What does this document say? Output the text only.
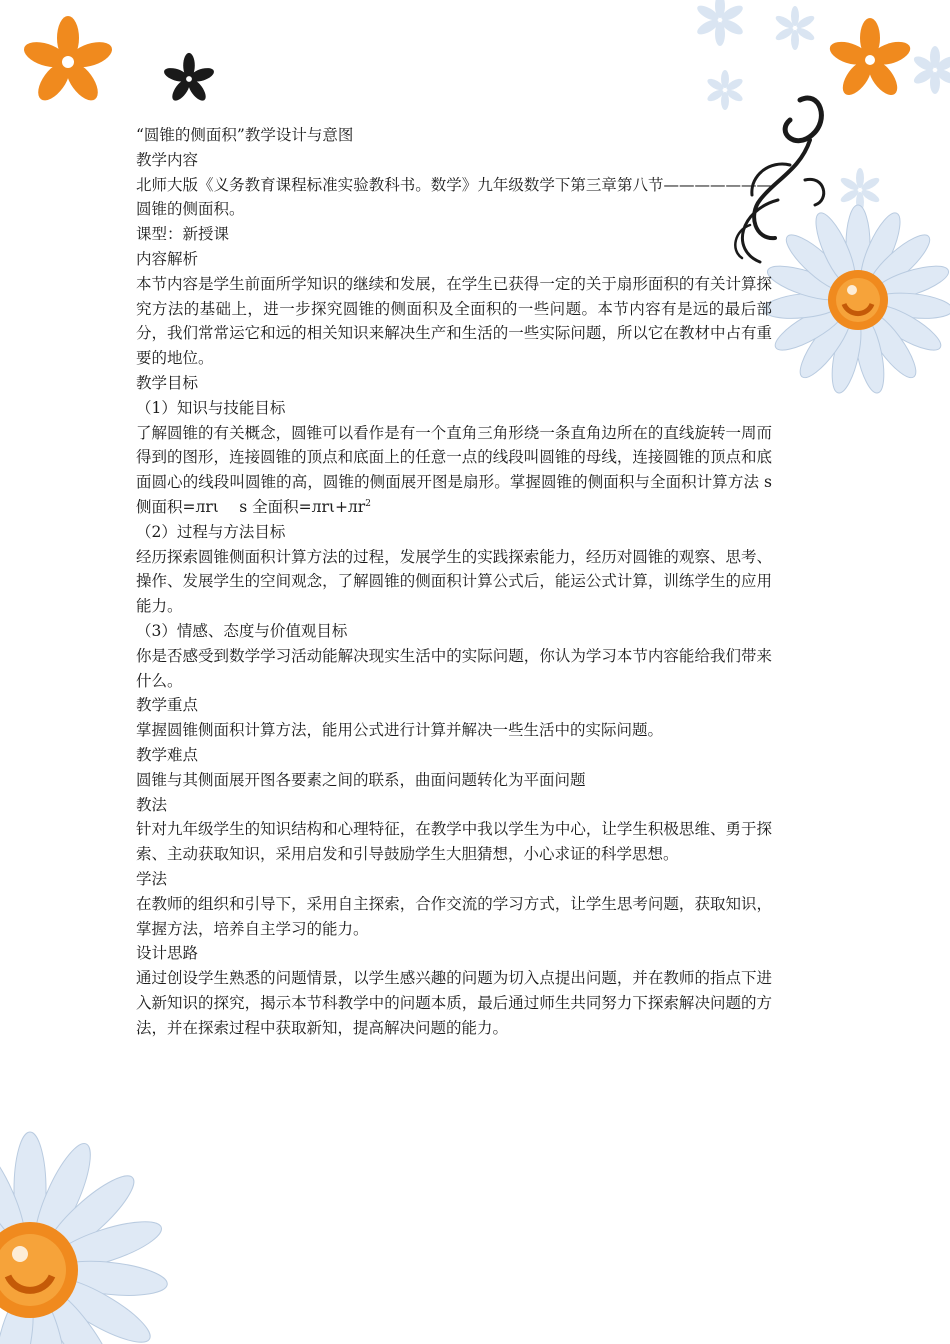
“圆锥的侧面积”教学设计与意图

教学内容

北师大版《义务教育课程标准实验教科书。数学》九年级数学下第三章第八节———————圆锥的侧面积。

课型：新授课

内容解析

本节内容是学生前面所学知识的继续和发展，在学生已获得一定的关于扇形面积的有关计算探究方法的基础上，进一步探究圆锥的侧面积及全面积的一些问题。本节内容有是远的最后部分，我们常常运它和远的相关知识来解决生产和生活的一些实际问题，所以它在教材中占有重要的地位。

教学目标

（1）知识与技能目标

了解圆锥的有关概念，圆锥可以看作是有一个直角三角形绕一条直角边所在的直线旋转一周而得到的图形，连接圆锥的顶点和底面上的任意一点的线段叫圆锥的母线，连接圆锥的顶点和底面圆心的线段叫圆锥的高，圆锥的侧面展开图是扇形。掌握圆锥的侧面积与全面积计算方法 s 侧面积=лrι　 s 全面积$=лr\iota+лr^2$

（2）过程与方法目标

经历探索圆锥侧面积计算方法的过程，发展学生的实践探索能力，经历对圆锥的观察、思考、操作、发展学生的空间观念，了解圆锥的侧面积计算公式后，能运公式计算，训练学生的应用能力。

（3）情感、态度与价值观目标

你是否感受到数学学习活动能解决现实生活中的实际问题，你认为学习本节内容能给我们带来什么。

教学重点

掌握圆锥侧面积计算方法，能用公式进行计算并解决一些生活中的实际问题。

教学难点

圆锥与其侧面展开图各要素之间的联系，曲面问题转化为平面问题

教法

针对九年级学生的知识结构和心理特征，在教学中我以学生为中心，让学生积极思维、勇于探索、主动获取知识，采用启发和引导鼓励学生大胆猜想，小心求证的科学思想。

学法

在教师的组织和引导下，采用自主探索，合作交流的学习方式，让学生思考问题，获取知识，掌握方法，培养自主学习的能力。

设计思路

通过创设学生熟悉的问题情景，以学生感兴趣的问题为切入点提出问题，并在教师的指点下进入新知识的探究，揭示本节科教学中的问题本质，最后通过师生共同努力下探索解决问题的方法，并在探索过程中获取新知，提高解决问题的能力。
